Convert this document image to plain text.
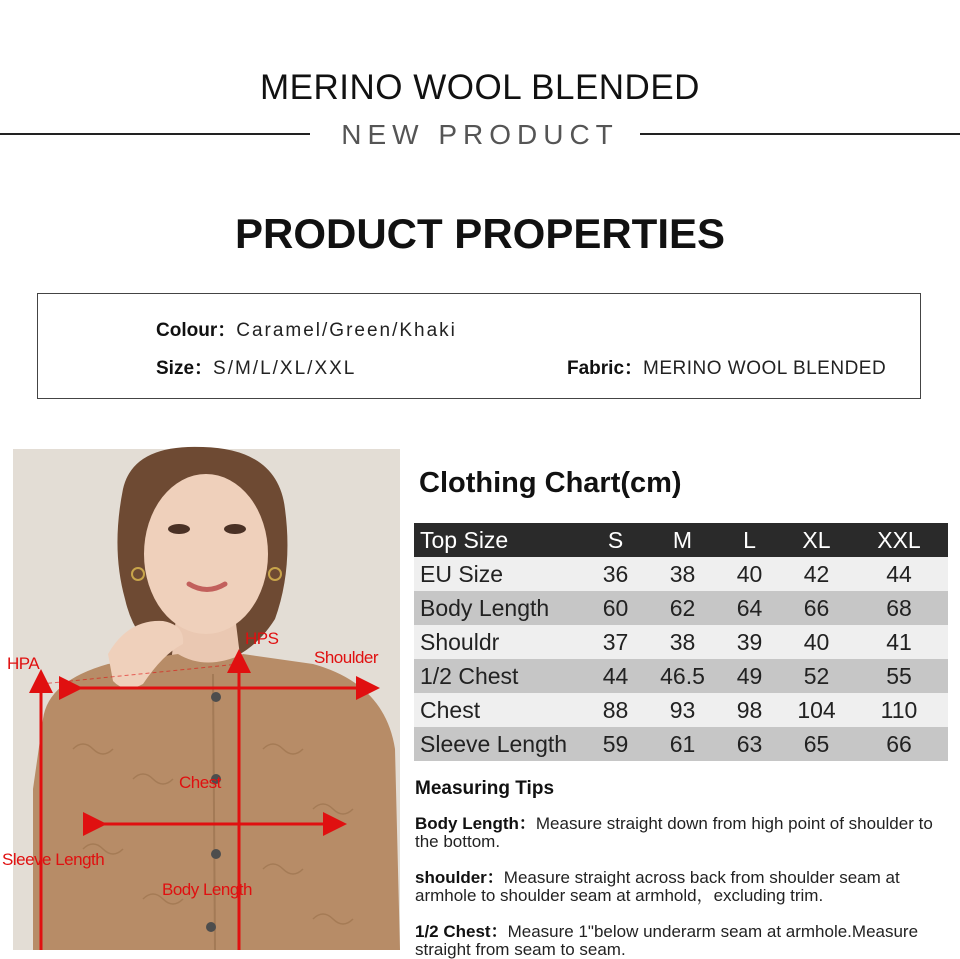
MERINO WOOL BLENDED
NEW PRODUCT
PRODUCT PROPERTIES
Colour：Caramel/Green/Khaki
Size：S/M/L/XL/XXL	Fabric：MERINO WOOL BLENDED
HPA
HPS
Shoulder
Chest
Sleeve Length
Body Length
Clothing Chart(cm)
Top Size	S	M	L	XL	XXL
EU Size	36	38	40	42	44
Body Length	60	62	64	66	68
Shouldr	37	38	39	40	41
1/2 Chest	44	46.5	49	52	55
Chest	88	93	98	104	110
Sleeve Length	59	61	63	65	66
Measuring Tips
Body Length：Measure straight down from high point of shoulder to the bottom.
shoulder：Measure straight across back from shoulder seam at armhole to shoulder seam at armhold，excluding trim.
1/2 Chest：Measure 1"below underarm seam at armhole.Measure straight from seam to seam.
